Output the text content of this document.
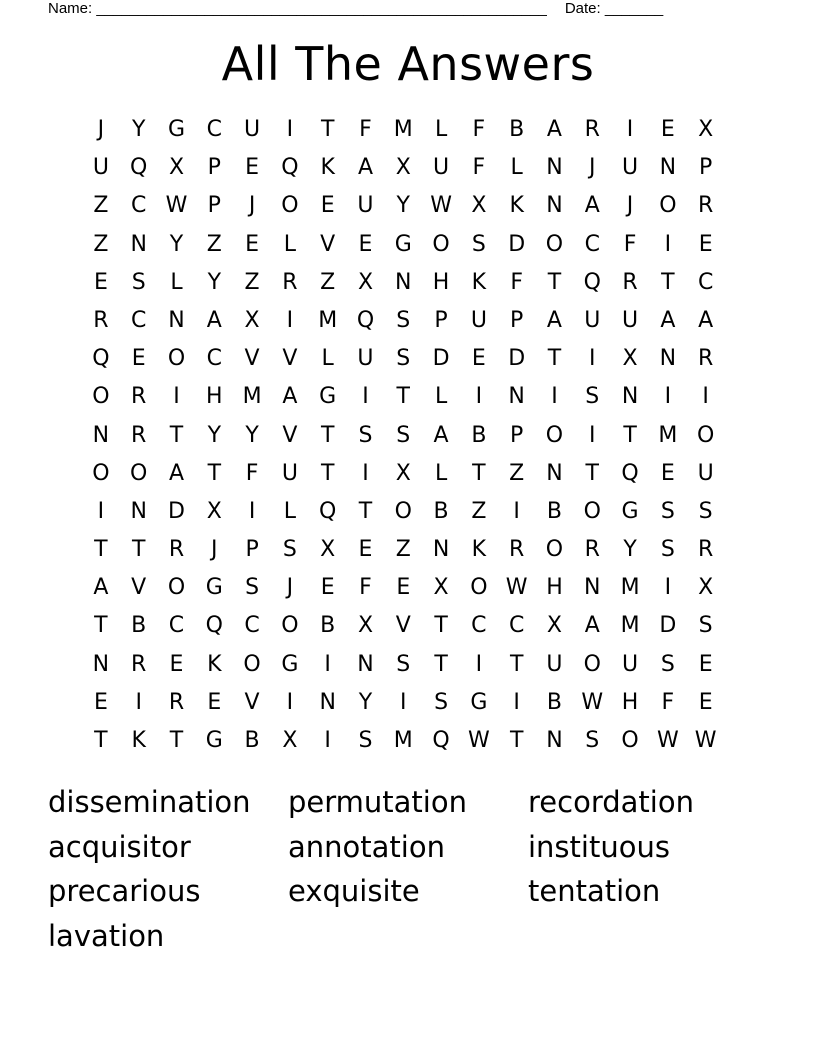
Name: ______________________________________________________ Date: _______
All The Answers
J	Y	G C	U	I	T	F M	L	F	B	A	R	I	E	X
U Q X	P	E	Q K	A	X	U	F	L	N	J	U N	P
Z	C W P	J	O	E	U	Y W X	K	N	A	J	O R
Z	N	Y	Z	E	L	V	E	G O	S	D O C	F	I	E
E	S	L	Y	Z	R	Z	X	N H	K	F	T	Q R	T	C
R	C N	A	X	I	M Q	S	P	U	P	A	U U	A	A
Q	E	O C	V	V	L	U	S	D	E	D	T	I	X	N R
O R	I	H M A G	I	T	L	I	N	I	S	N	I	I
N R	T	Y	Y	V	T	S	S	A	B	P	O	I	T M O
O O A	T	F	U	T	I	X	L	T	Z	N	T	Q	E	U
I	N D X	I	L	Q	T	O B	Z	I	B O G	S	S
T	T	R	J	P	S	X	E	Z	N	K	R O R	Y	S	R
A	V O G	S	J	E	F	E	X O W H N M	I	X
T	B	C Q C O B	X	V	T	C	C	X	A M D	S
N R	E	K O G	I	N	S	T	I	T	U O U	S	E
E	I	R	E	V	I	N	Y	I	S	G	I	B W H	F	E
T	K	T	G B	X	I	S M Q W T	N	S	O W W
dissemination	permutation	recordation
acquisitor	annotation	instituous
precarious	exquisite	tentation
lavation
